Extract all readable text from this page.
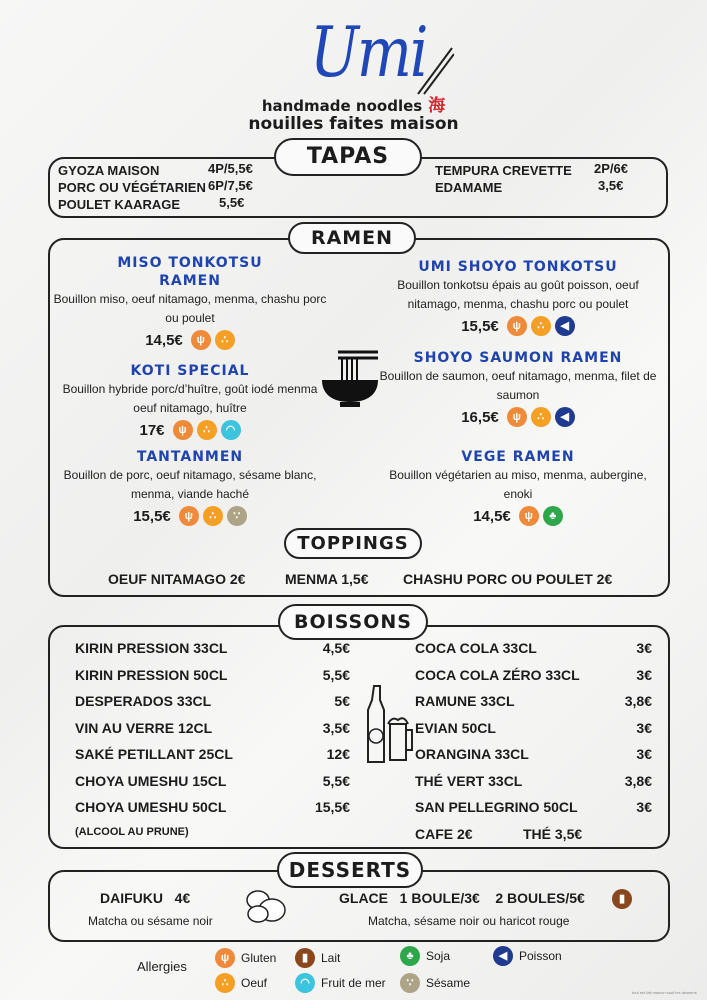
Umi
handmade noodles 海
nouilles faites maison
TAPAS
GYOZA MAISON	4P/5,5€
PORC OU VÉGÉTARIEN 6P/7,5€
POULET KAARAGE	5,5€
TEMPURA CREVETTE 2P/6€
EDAMAME	3,5€
RAMEN
MISO TONKOTSU RAMEN
Bouillon miso, oeuf nitamago, menma, chashu porc ou poulet
14,5€	ψ	∴
KOTI SPECIAL
Bouillon hybride porc/d’huître, goût iodé menma oeuf nitamago, huître
17€	ψ	∴	◠
TANTANMEN
Bouillon de porc, oeuf nitamago, sésame blanc, menma, viande haché
15,5€	ψ	∴	∵
UMI SHOYO TONKOTSU
Bouillon tonkotsu épais au goût poisson, oeuf nitamago, menma, chashu porc ou poulet
15,5€	ψ	∴	◀
SHOYO SAUMON RAMEN
Bouillon de saumon, oeuf nitamago, menma, filet de saumon
16,5€	ψ	∴	◀
VEGE RAMEN
Bouillon végétarien au miso, menma, aubergine, enoki
14,5€	ψ	♣
TOPPINGS
OEUF NITAMAGO 2€	MENMA 1,5€ CHASHU PORC OU POULET 2€
BOISSONS
KIRIN PRESSION 33CL	4,5€
KIRIN PRESSION 50CL	5,5€
DESPERADOS 33CL	5€
VIN AU VERRE 12CL	3,5€
SAKÉ PETILLANT 25CL	12€
CHOYA UMESHU 15CL	5,5€
CHOYA UMESHU 50CL	15,5€
COCA COLA 33CL	3€
COCA COLA ZÉRO 33CL	3€
RAMUNE 33CL	3,8€
EVIAN 50CL	3€
ORANGINA 33CL	3€
THÉ VERT 33CL	3,8€
SAN PELLEGRINO 50CL	3€
(ALCOOL AU PRUNE)	CAFE 2€	THÉ 3,5€
DESSERTS
DAIFUKU   4€
Matcha ou sésame noir
GLACE   1 BOULE/3€    2 BOULES/5€	▮
Matcha, sésame noir ou haricot rouge
Allergies
ψ Gluten
∴	Oeuf
▮	Lait
◠ Fruit de mer
♣	Soja
∵	Sésame
◀ Poisson
tout est fait maison sauf les desserts
